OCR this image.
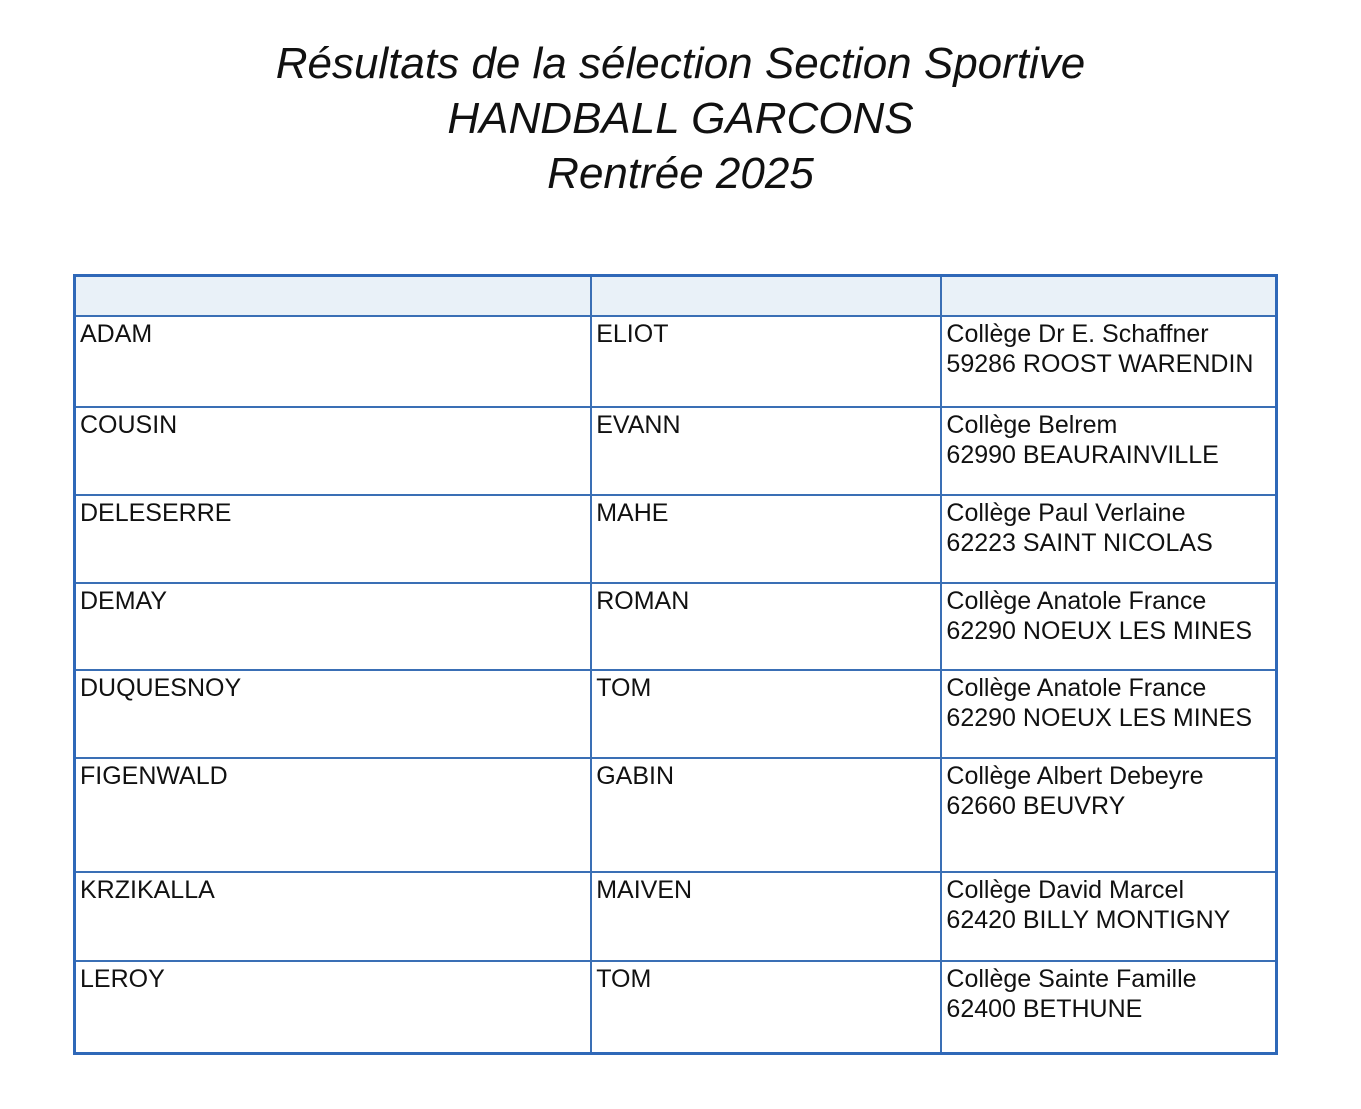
Résultats de la sélection Section Sportive
HANDBALL GARCONS
Rentrée 2025

ADAM	ELIOT	Collège Dr E. Schaffner
59286 ROOST WARENDIN

COUSIN	EVANN	Collège Belrem
62990 BEAURAINVILLE

DELESERRE	MAHE	Collège Paul Verlaine
62223 SAINT NICOLAS

DEMAY	ROMAN	Collège Anatole France
62290 NOEUX LES MINES

DUQUESNOY	TOM	Collège Anatole France
62290 NOEUX LES MINES

FIGENWALD	GABIN	Collège Albert Debeyre
62660 BEUVRY

KRZIKALLA	MAIVEN	Collège David Marcel
62420 BILLY MONTIGNY

LEROY	TOM	Collège Sainte Famille
62400 BETHUNE
